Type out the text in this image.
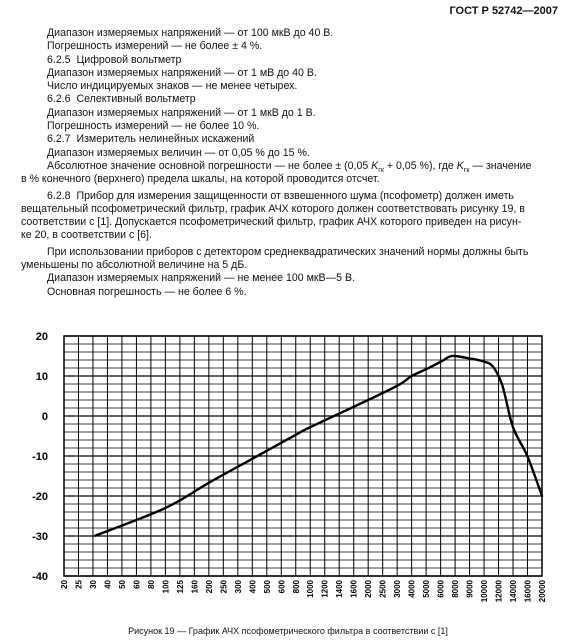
ГОСТ Р 52742—2007
Диапазон измеряемых напряжений — от 100 мкВ до 40 В.
Погрешность измерений — не более ± 4 %.
6.2.5  Цифровой вольтметр
Диапазон измеряемых напряжений — от 1 мВ до 40 В.
Число индицируемых знаков — не менее четырех.
6.2.6  Селективный вольтметр
Диапазон измеряемых напряжений — от 1 мкВ до 1 В.
Погрешность измерений — не более 10 %.
6.2.7  Измеритель нелинейных искажений
Диапазон измеряемых величин — от 0,05 % до 15 %.
Абсолютное значение основной погрешности — не более ± (0,05 $K_{гк} + 0,05$ %), где $K_{гк}$ — значение
в % конечного (верхнего) предела шкалы, на которой проводится отсчет.
6.2.8  Прибор для измерения защищенности от взвешенного шума (псофометр) должен иметь
вещательный псофометрический фильтр, график АЧХ которого должен соответствовать рисунку 19, в
соответствии с [1]. Допускается псофометрический фильтр, график АЧХ которого приведен на рисун-
ке 20, в соответствии с [6].
При использовании приборов с детектором среднеквадратических значений нормы должны быть
уменьшены по абсолютной величине на 5 дБ.
Диапазон измеряемых напряжений — не менее 100 мкВ—5 В.
Основная погрешность — не более 6 %.
20
10
0
-10
-20
-30
-40
20 25 30 40 50 60 80 100 125 160 200 250 300 400 500 600 800 1000 1200 1400 1600 2000 2500 3000 4000 5000 6000 8000 9000 10000 12000 14000 16000 20000
Рисунок 19 — График АЧХ псофометрического фильтра в соответствии с [1]
